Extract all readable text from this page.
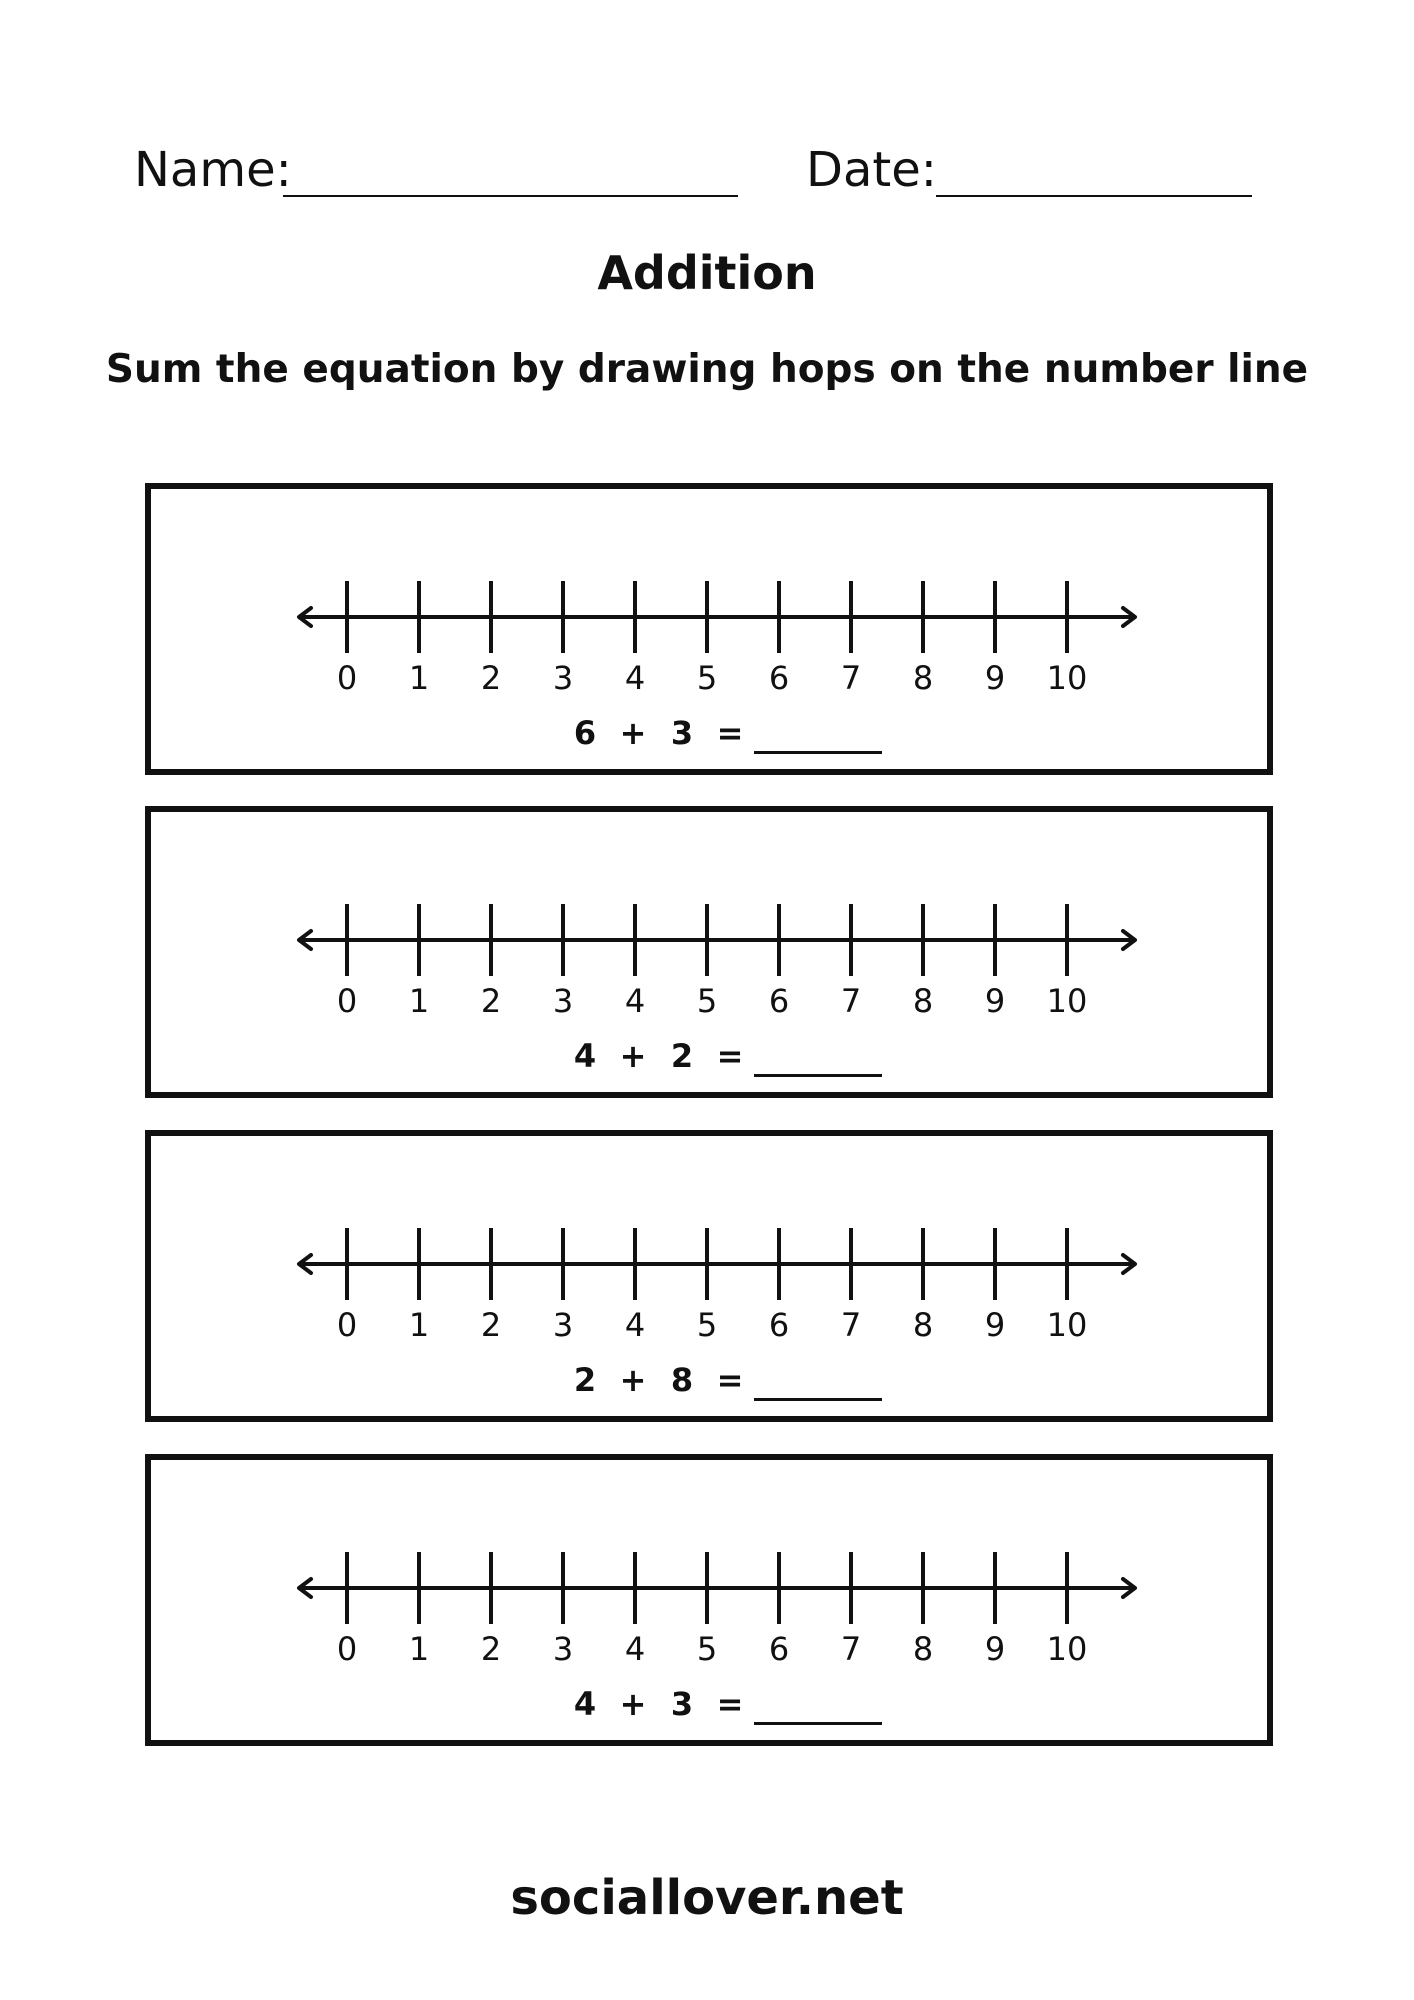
Name:	Date:
Addition
Sum the equation by drawing hops on the number line
0 1 2 3 4 5 6 7 8 9 10
6 + 3 =
0 1 2 3 4 5 6 7 8 9 10
4 + 2 =
0 1 2 3 4 5 6 7 8 9 10
2 + 8 =
0 1 2 3 4 5 6 7 8 9 10
4 + 3 =
sociallover.net
